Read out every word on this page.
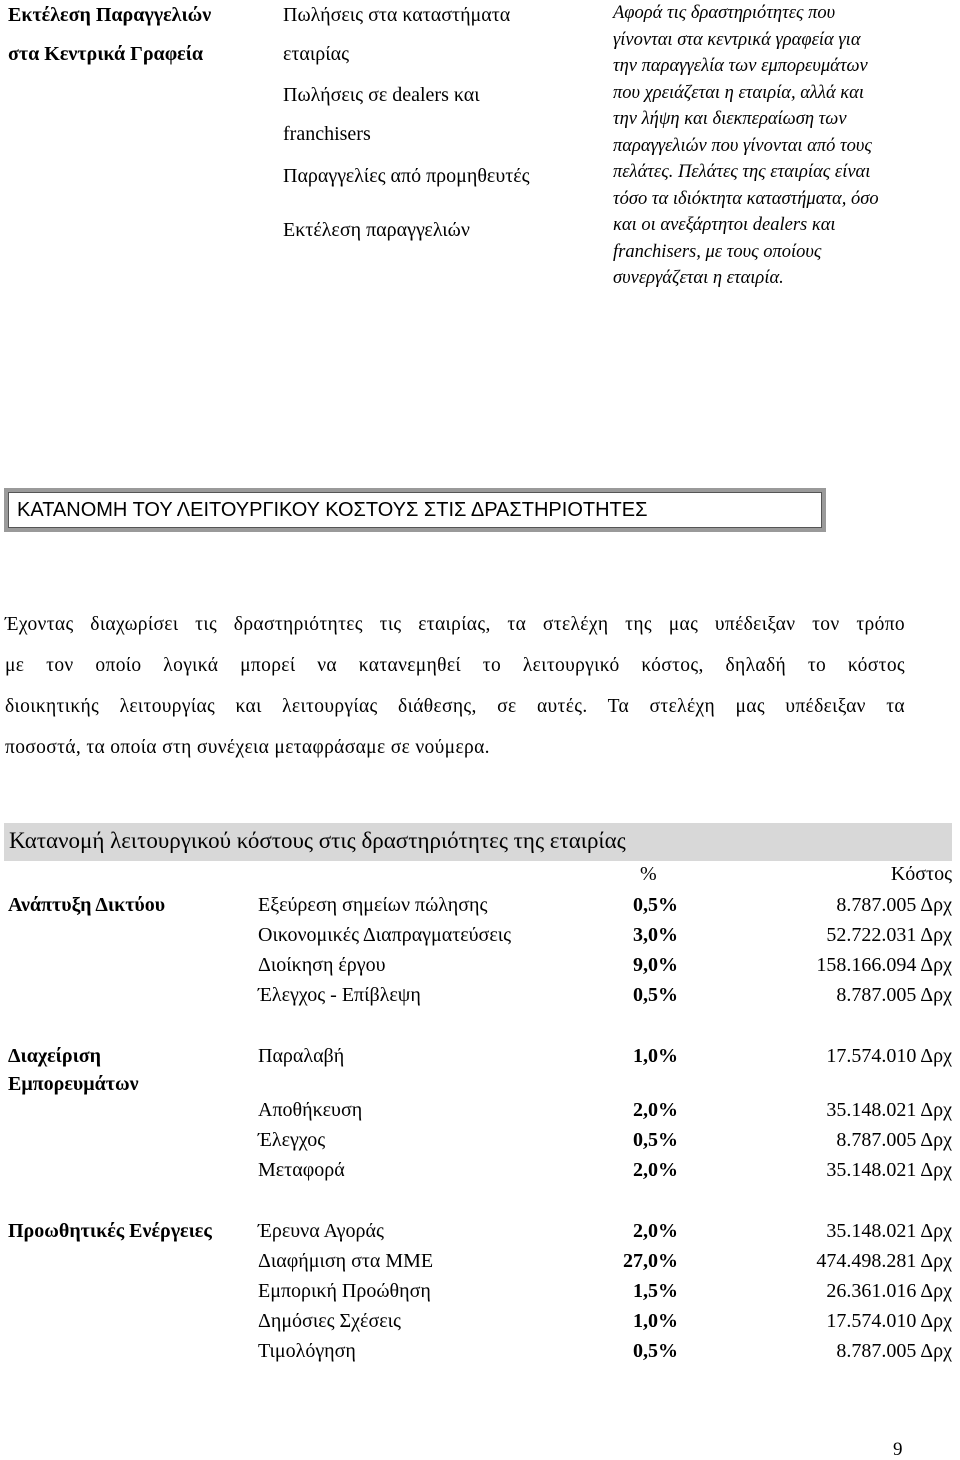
Εκτέλεση Παραγγελιών
στα Κεντρικά Γραφεία
Πωλήσεις στα καταστήματα
εταιρίας
Πωλήσεις σε dealers και
franchisers
Παραγγελίες από προμηθευτές
Εκτέλεση παραγγελιών
Αφορά τις δραστηριότητες που
γίνονται στα κεντρικά γραφεία για
την παραγγελία των εμπορευμάτων
που χρειάζεται η εταιρία, αλλά και
την λήψη και διεκπεραίωση των
παραγγελιών που γίνονται από τους
πελάτες. Πελάτες της εταιρίας είναι
τόσο τα ιδιόκτητα καταστήματα, όσο
και οι ανεξάρτητοι dealers και
franchisers, με τους οποίους
συνεργάζεται η εταιρία.
ΚΑΤΑΝΟΜΗ ΤΟΥ ΛΕΙΤΟΥΡΓΙΚΟΥ ΚΟΣΤΟΥΣ ΣΤΙΣ ΔΡΑΣΤΗΡΙΟΤΗΤΕΣ
Έχοντας διαχωρίσει τις δραστηριότητες τις εταιρίας, τα στελέχη της μας υπέδειξαν τον τρόπο
με τον οποίο λογικά μπορεί να κατανεμηθεί το λειτουργικό κόστος, δηλαδή το κόστος
διοικητικής λειτουργίας και λειτουργίας διάθεσης, σε αυτές. Τα στελέχη μας υπέδειξαν τα
ποσοστά, τα οποία στη συνέχεια μεταφράσαμε σε νούμερα.
Κατανομή λειτουργικού κόστους στις δραστηριότητες της εταιρίας
%	Κόστος
Ανάπτυξη Δικτύου	Εξεύρεση σημείων πώλησης	0,5%	8.787.005 Δρχ
Οικονομικές Διαπραγματεύσεις	3,0%	52.722.031 Δρχ
Διοίκηση έργου	9,0%	158.166.094 Δρχ
Έλεγχος - Επίβλεψη	0,5%	8.787.005 Δρχ
Διαχείριση
Εμπορευμάτων
Παραλαβή	1,0%	17.574.010 Δρχ
Αποθήκευση	2,0%	35.148.021 Δρχ
Έλεγχος	0,5%	8.787.005 Δρχ
Μεταφορά	2,0%	35.148.021 Δρχ
Προωθητικές Ενέργειες	Έρευνα Αγοράς	2,0%	35.148.021 Δρχ
Διαφήμιση στα ΜΜΕ	27,0%	474.498.281 Δρχ
Εμπορική Προώθηση	1,5%	26.361.016 Δρχ
Δημόσιες Σχέσεις	1,0%	17.574.010 Δρχ
Τιμολόγηση	0,5%	8.787.005 Δρχ
9
